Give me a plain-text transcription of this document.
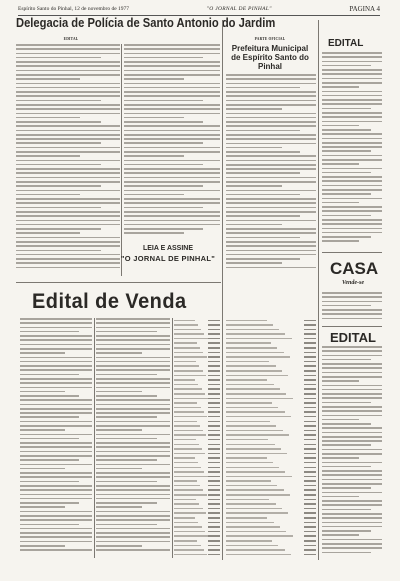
Espírito Santo do Pinhal, 12 de novembro de 1977	"O JORNAL DE PINHAL"	PAGINA 4
Delegacia de Polícia de Santo Antonio do Jardim
EDITAL
LEIA E ASSINE
"O JORNAL DE PINHAL"
PARTE OFICIAL
Prefeitura Municipal de Espírito Santo do Pinhal
EDITAL
Edital de Venda
CASA
Vende-se
EDITAL
